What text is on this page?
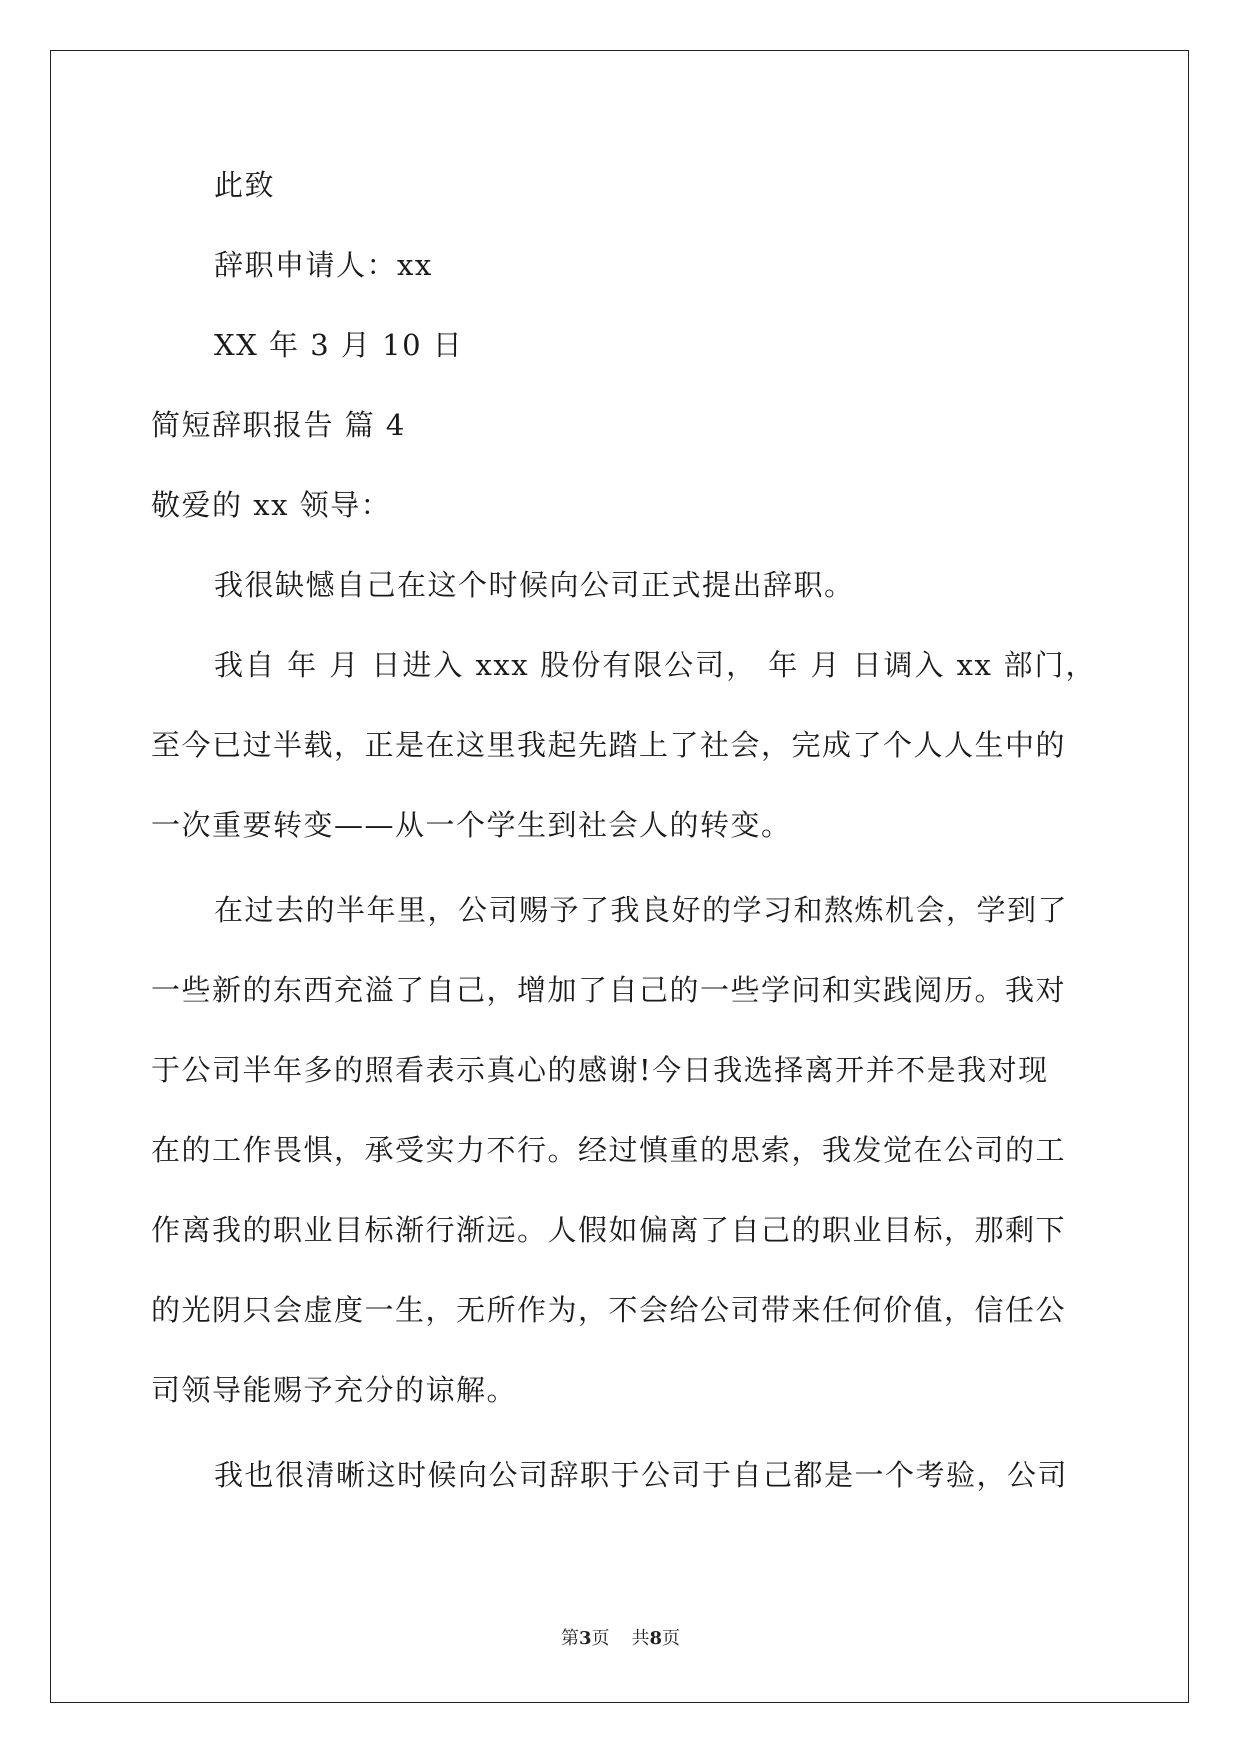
此致
辞职申请人：xx
XX 年 3 月 10 日
简短辞职报告 篇 4
敬爱的 xx 领导：
我很缺憾自己在这个时候向公司正式提出辞职。
我自 年 月 日进入 xxx 股份有限公司， 年 月 日调入 xx 部门，
至今已过半载，正是在这里我起先踏上了社会，完成了个人人生中的
一次重要转变——从一个学生到社会人的转变。
在过去的半年里，公司赐予了我良好的学习和熬炼机会，学到了
一些新的东西充溢了自己，增加了自己的一些学问和实践阅历。我对
于公司半年多的照看表示真心的感谢!今日我选择离开并不是我对现
在的工作畏惧，承受实力不行。经过慎重的思索，我发觉在公司的工
作离我的职业目标渐行渐远。人假如偏离了自己的职业目标，那剩下
的光阴只会虚度一生，无所作为，不会给公司带来任何价值，信任公
司领导能赐予充分的谅解。
我也很清晰这时候向公司辞职于公司于自己都是一个考验，公司
第3页 共8页
